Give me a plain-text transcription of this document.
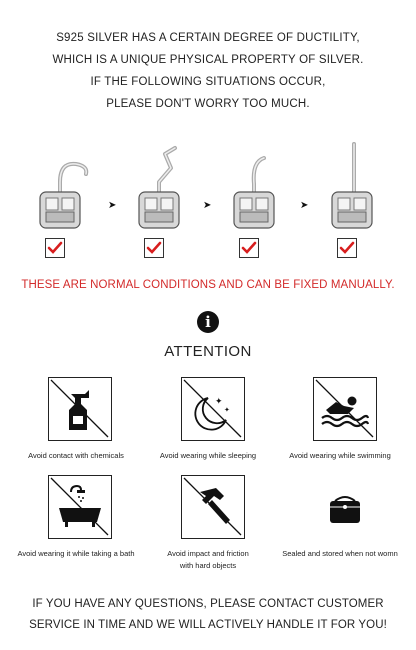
S925 SILVER HAS A CERTAIN DEGREE OF DUCTILITY,
WHICH IS A UNIQUE PHYSICAL PROPERTY OF SILVER.
IF THE FOLLOWING SITUATIONS OCCUR,
PLEASE DON'T WORRY TOO MUCH.
➤	➤	➤
THESE ARE NORMAL CONDITIONS AND CAN BE FIXED MANUALLY.
i
ATTENTION
Avoid contact with chemicals
✦
✦
Avoid wearing while sleeping	Avoid wearing while swimming
Avoid wearing it while taking a bath	Avoid impact and friction
with hard objects
Sealed and stored when not womn
IF YOU HAVE ANY QUESTIONS, PLEASE CONTACT CUSTOMER
SERVICE IN TIME AND WE WILL ACTIVELY HANDLE IT FOR YOU!
